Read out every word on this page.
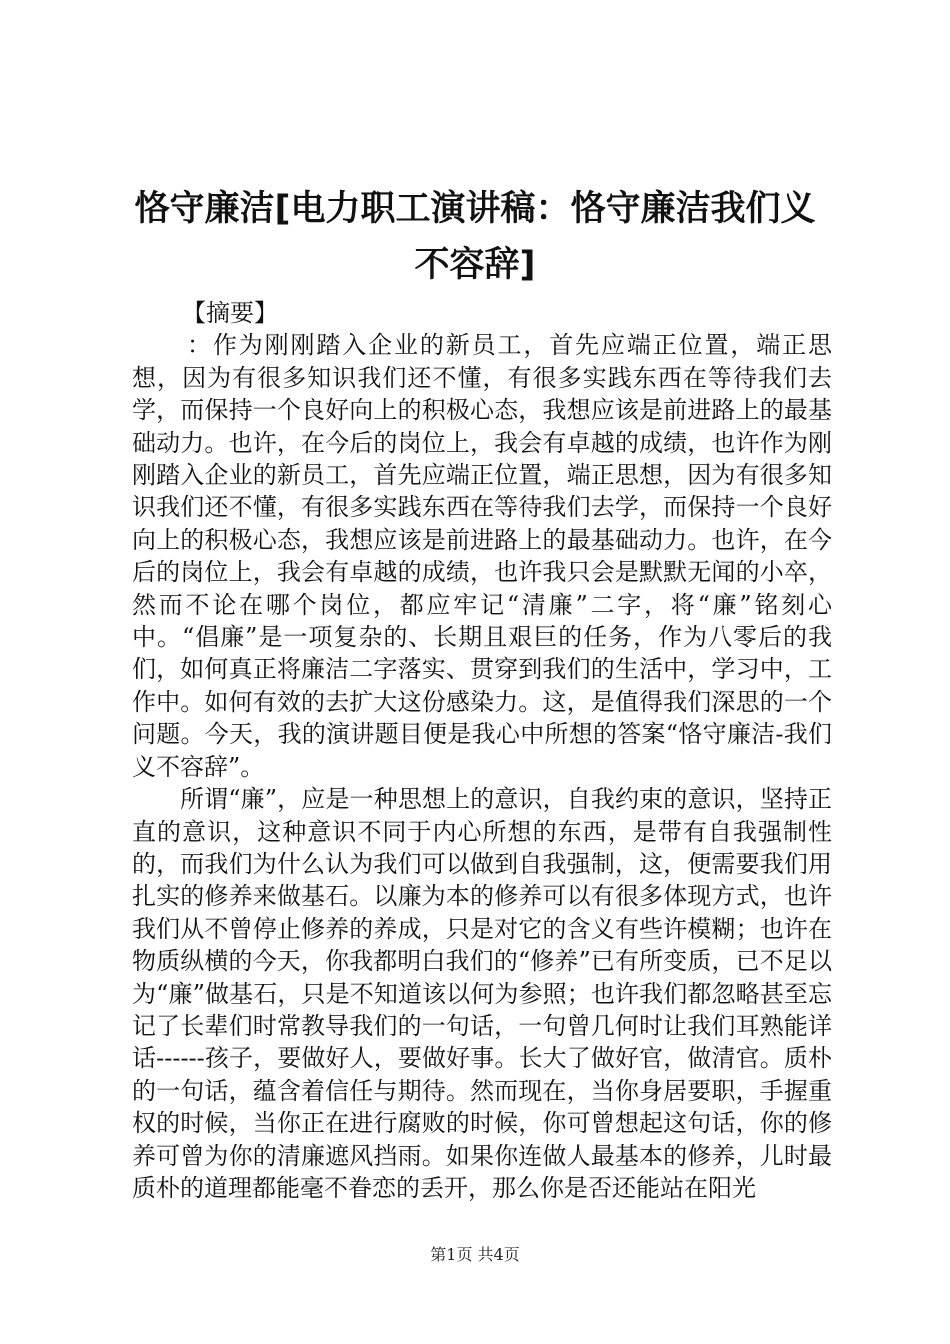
恪守廉洁[电力职工演讲稿：恪守廉洁我们义不容辞]
【摘要】

：作为刚刚踏入企业的新员工，首先应端正位置，端正思想，因为有很多知识我们还不懂，有很多实践东西在等待我们去学，而保持一个良好向上的积极心态，我想应该是前进路上的最基础动力。也许，在今后的岗位上，我会有卓越的成绩，也许作为刚刚踏入企业的新员工，首先应端正位置，端正思想，因为有很多知识我们还不懂，有很多实践东西在等待我们去学，而保持一个良好向上的积极心态，我想应该是前进路上的最基础动力。也许，在今后的岗位上，我会有卓越的成绩，也许我只会是默默无闻的小卒，然而不论在哪个岗位，都应牢记“清廉”二字，将“廉”铭刻心中。“倡廉”是一项复杂的、长期且艰巨的任务，作为八零后的我们，如何真正将廉洁二字落实、贯穿到我们的生活中，学习中，工作中。如何有效的去扩大这份感染力。这，是值得我们深思的一个问题。今天，我的演讲题目便是我心中所想的答案“恪守廉洁-我们义不容辞”。

所谓“廉”，应是一种思想上的意识，自我约束的意识，坚持正直的意识，这种意识不同于内心所想的东西，是带有自我强制性的，而我们为什么认为我们可以做到自我强制，这，便需要我们用扎实的修养来做基石。以廉为本的修养可以有很多体现方式，也许我们从不曾停止修养的养成，只是对它的含义有些许模糊；也许在物质纵横的今天，你我都明白我们的“修养”已有所变质，已不足以为“廉”做基石，只是不知道该以何为参照；也许我们都忽略甚至忘记了长辈们时常教导我们的一句话，一句曾几何时让我们耳熟能详话------孩子，要做好人，要做好事。长大了做好官，做清官。质朴的一句话，蕴含着信任与期待。然而现在，当你身居要职，手握重权的时候，当你正在进行腐败的时候，你可曾想起这句话，你的修养可曾为你的清廉遮风挡雨。如果你连做人最基本的修养，儿时最质朴的道理都能毫不眷恋的丢开，那么你是否还能站在阳光

第1页 共4页
